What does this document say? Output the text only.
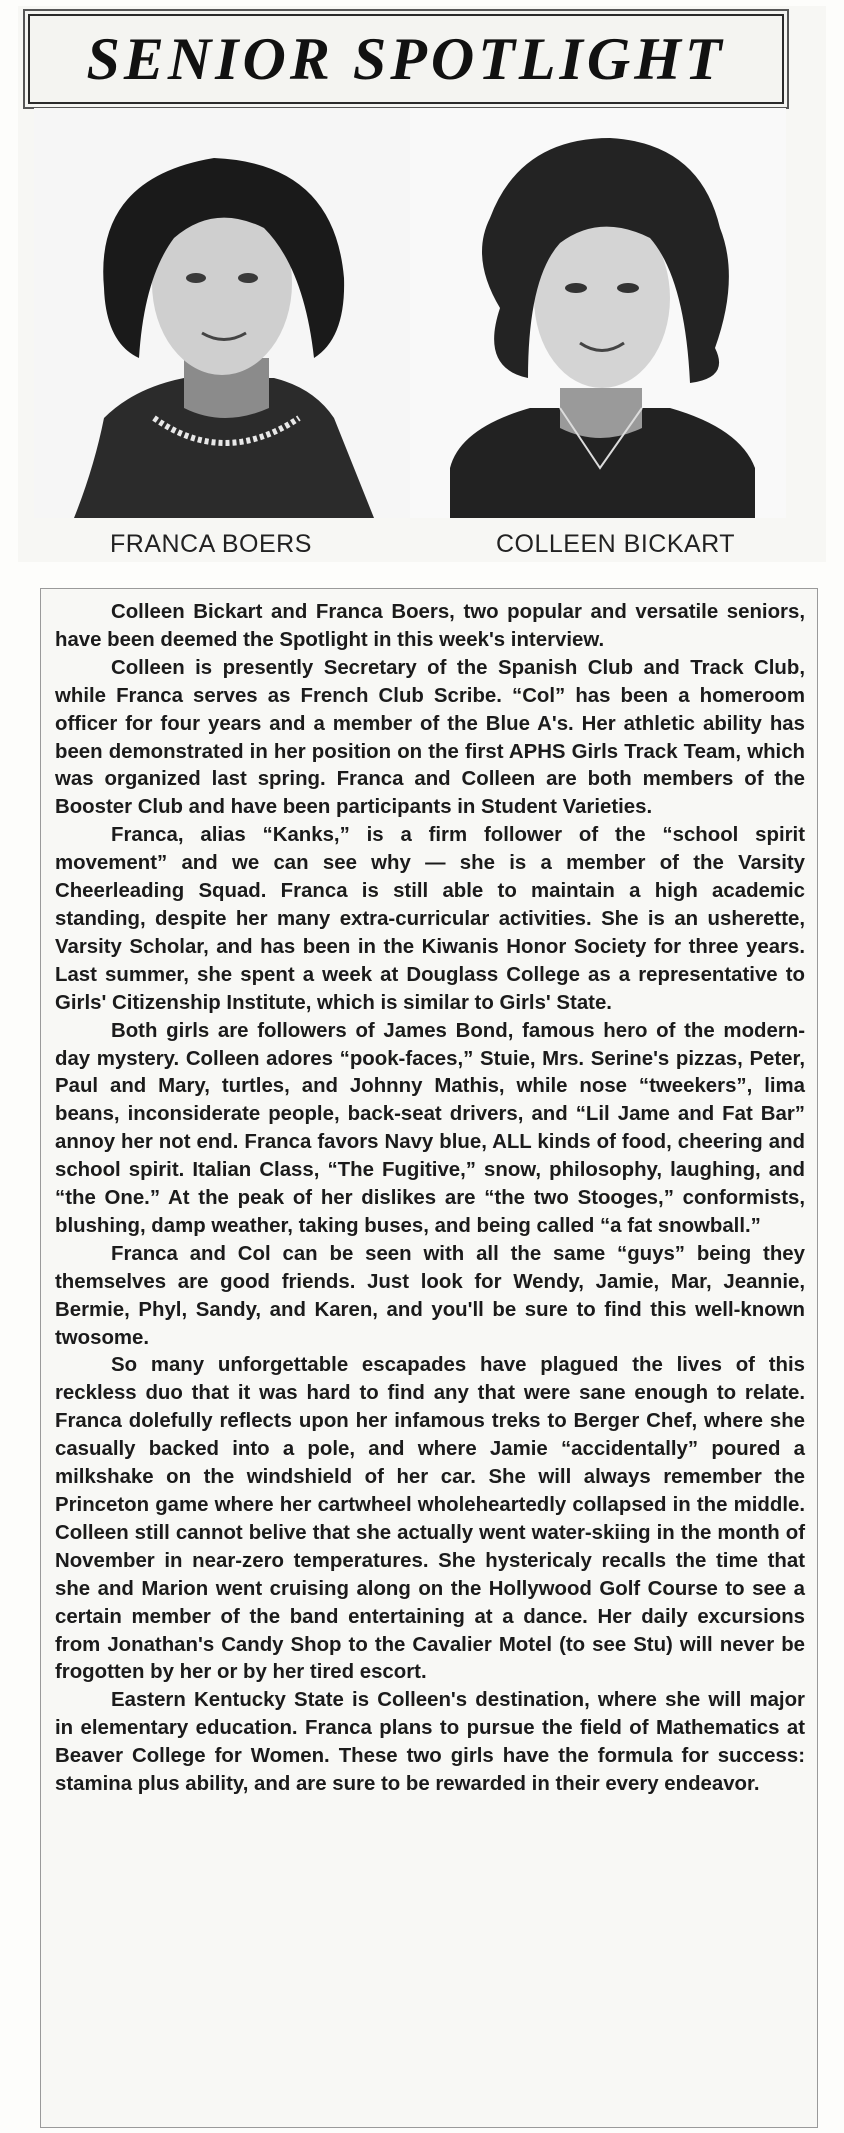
SENIOR SPOTLIGHT
FRANCA BOERS	COLLEEN BICKART

Colleen Bickart and Franca Boers, two popular and versatile seniors, have been deemed the Spotlight in this week's interview.

Colleen is presently Secretary of the Spanish Club and Track Club, while Franca serves as French Club Scribe. “Col” has been a homeroom officer for four years and a member of the Blue A's. Her athletic ability has been demonstrated in her position on the first APHS Girls Track Team, which was organized last spring. Franca and Colleen are both members of the Booster Club and have been participants in Student Varieties.

Franca, alias “Kanks,” is a firm follower of the “school spirit movement” and we can see why — she is a member of the Varsity Cheerleading Squad. Franca is still able to maintain a high academic standing, despite her many extra-curricular activities. She is an usherette, Varsity Scholar, and has been in the Kiwanis Honor Society for three years. Last summer, she spent a week at Douglass College as a representative to Girls' Citizenship Institute, which is similar to Girls' State.

Both girls are followers of James Bond, famous hero of the modern-day mystery. Colleen adores “pook-faces,” Stuie, Mrs. Serine's pizzas, Peter, Paul and Mary, turtles, and Johnny Mathis, while nose “tweekers”, lima beans, inconsiderate people, back-seat drivers, and “Lil Jame and Fat Bar” annoy her not end. Franca favors Navy blue, ALL kinds of food, cheering and school spirit. Italian Class, “The Fugitive,” snow, philosophy, laughing, and “the One.” At the peak of her dislikes are “the two Stooges,” conformists, blushing, damp weather, taking buses, and being called “a fat snowball.”

Franca and Col can be seen with all the same “guys” being they themselves are good friends. Just look for Wendy, Jamie, Mar, Jeannie, Bermie, Phyl, Sandy, and Karen, and you'll be sure to find this well-known twosome.

So many unforgettable escapades have plagued the lives of this reckless duo that it was hard to find any that were sane enough to relate. Franca dolefully reflects upon her infamous treks to Berger Chef, where she casually backed into a pole, and where Jamie “accidentally” poured a milkshake on the windshield of her car. She will always remember the Princeton game where her cartwheel wholeheartedly collapsed in the middle. Colleen still cannot belive that she actually went water-skiing in the month of November in near-zero temperatures. She hystericaly recalls the time that she and Marion went cruising along on the Hollywood Golf Course to see a certain member of the band entertaining at a dance. Her daily excursions from Jonathan's Candy Shop to the Cavalier Motel (to see Stu) will never be frogotten by her or by her tired escort.

Eastern Kentucky State is Colleen's destination, where she will major in elementary education. Franca plans to pursue the field of Mathematics at Beaver College for Women. These two girls have the formula for success: stamina plus ability, and are sure to be rewarded in their every endeavor.
